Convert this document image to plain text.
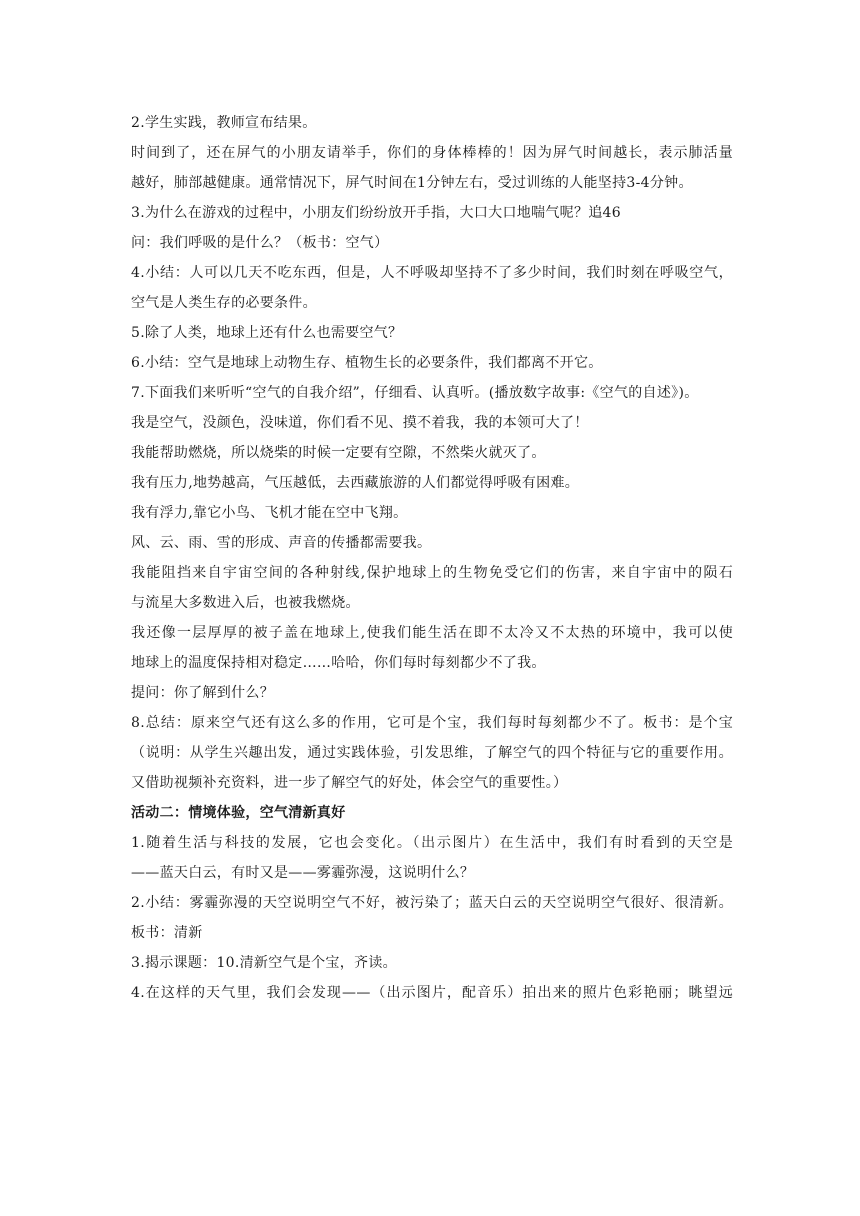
2.学生实践，教师宣布结果。
时间到了，还在屏气的小朋友请举手，你们的身体棒棒的！因为屏气时间越长，表示肺活量
越好，肺部越健康。通常情况下，屏气时间在1分钟左右，受过训练的人能坚持3-4分钟。
3.为什么在游戏的过程中，小朋友们纷纷放开手指，大口大口地喘气呢？追46
问：我们呼吸的是什么？（板书：空气）
4.小结：人可以几天不吃东西，但是，人不呼吸却坚持不了多少时间，我们时刻在呼吸空气，
空气是人类生存的必要条件。
5.除了人类，地球上还有什么也需要空气？
6.小结：空气是地球上动物生存、植物生长的必要条件，我们都离不开它。
7.下面我们来听听“空气的自我介绍”，仔细看、认真听。(播放数字故事:《空气的自述》)。
我是空气，没颜色，没味道，你们看不见、摸不着我，我的本领可大了！
我能帮助燃烧，所以烧柴的时候一定要有空隙，不然柴火就灭了。
我有压力,地势越高，气压越低，去西藏旅游的人们都觉得呼吸有困难。
我有浮力,靠它小鸟、飞机才能在空中飞翔。
风、云、雨、雪的形成、声音的传播都需要我。
我能阻挡来自宇宙空间的各种射线,保护地球上的生物免受它们的伤害，来自宇宙中的陨石
与流星大多数进入后，也被我燃烧。
我还像一层厚厚的被子盖在地球上,使我们能生活在即不太冷又不太热的环境中，我可以使
地球上的温度保持相对稳定……哈哈，你们每时每刻都少不了我。
提问：你了解到什么？
8.总结：原来空气还有这么多的作用，它可是个宝，我们每时每刻都少不了。板书：是个宝
（说明：从学生兴趣出发，通过实践体验，引发思维，了解空气的四个特征与它的重要作用。
又借助视频补充资料，进一步了解空气的好处，体会空气的重要性。）
活动二：情境体验，空气清新真好
1.随着生活与科技的发展，它也会变化。（出示图片）在生活中，我们有时看到的天空是
——蓝天白云，有时又是——雾霾弥漫，这说明什么？
2.小结：雾霾弥漫的天空说明空气不好，被污染了；蓝天白云的天空说明空气很好、很清新。
板书：清新
3.揭示课题：10.清新空气是个宝，齐读。
4.在这样的天气里，我们会发现——（出示图片，配音乐）拍出来的照片色彩艳丽；眺望远
